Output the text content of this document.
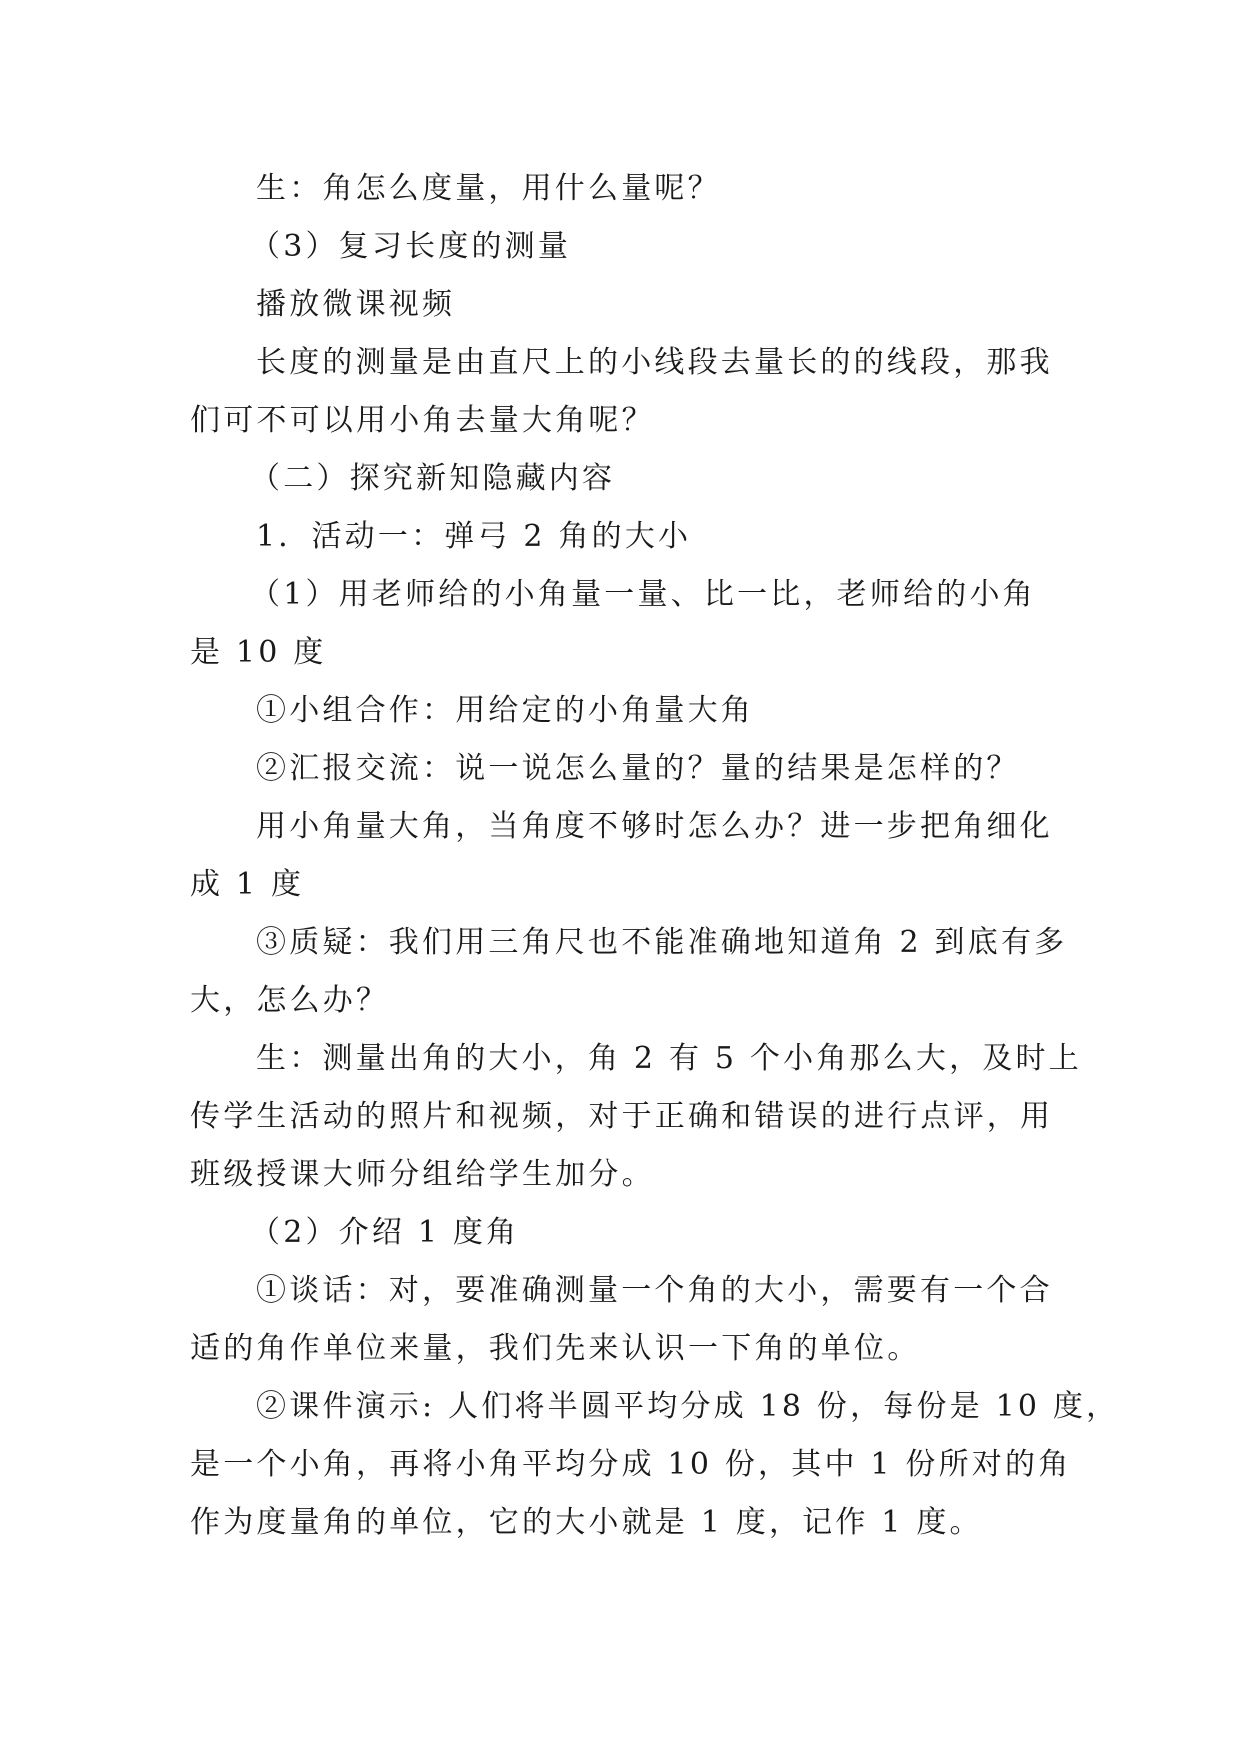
生：角怎么度量，用什么量呢？

（3）复习长度的测量

播放微课视频

长度的测量是由直尺上的小线段去量长的的线段，那我

们可不可以用小角去量大角呢？

（二）探究新知隐藏内容

1．活动一：弹弓 2 角的大小

（1）用老师给的小角量一量、比一比，老师给的小角

是 10 度

①小组合作：用给定的小角量大角

②汇报交流：说一说怎么量的？量的结果是怎样的？

用小角量大角，当角度不够时怎么办？进一步把角细化

成 1 度

③质疑：我们用三角尺也不能准确地知道角 2 到底有多

大，怎么办？

生：测量出角的大小，角 2 有 5 个小角那么大，及时上

传学生活动的照片和视频，对于正确和错误的进行点评，用

班级授课大师分组给学生加分。

（2）介绍 1 度角

①谈话：对，要准确测量一个角的大小，需要有一个合

适的角作单位来量，我们先来认识一下角的单位。

②课件演示: 人们将半圆平均分成 18 份，每份是 10 度，

是一个小角，再将小角平均分成 10 份，其中 1 份所对的角

作为度量角的单位，它的大小就是 1 度，记作 1 度。
